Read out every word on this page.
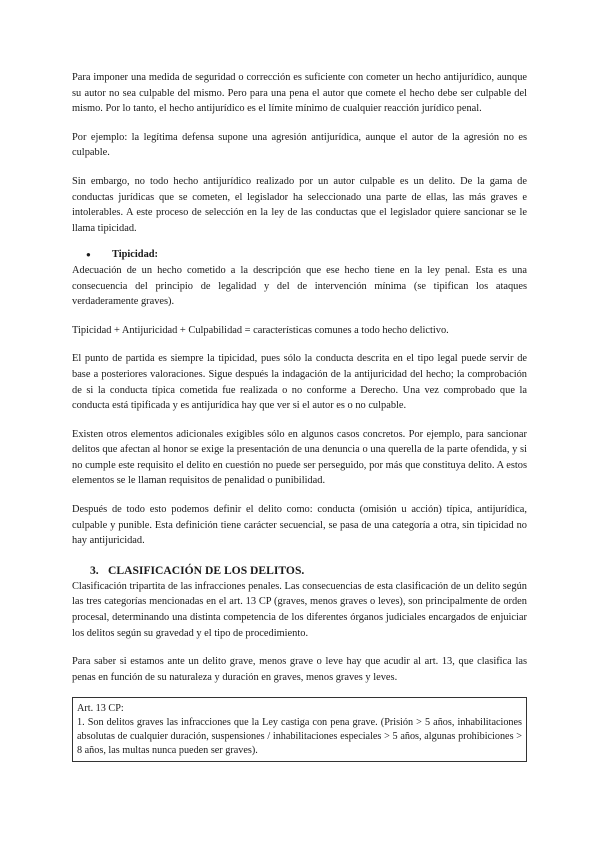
Para imponer una medida de seguridad o corrección es suficiente con cometer un hecho antijurídico, aunque su autor no sea culpable del mismo. Pero para una pena el autor que comete el hecho debe ser culpable del mismo. Por lo tanto, el hecho antijurídico es el límite mínimo de cualquier reacción jurídico penal.

Por ejemplo: la legítima defensa supone una agresión antijurídica, aunque el autor de la agresión no es culpable.

Sin embargo, no todo hecho antijurídico realizado por un autor culpable es un delito. De la gama de conductas jurídicas que se cometen, el legislador ha seleccionado una parte de ellas, las más graves e intolerables. A este proceso de selección en la ley de las conductas que el legislador quiere sancionar se le llama tipicidad.

●	Tipicidad:

Adecuación de un hecho cometido a la descripción que ese hecho tiene en la ley penal. Esta es una consecuencia del principio de legalidad y del de intervención mínima (se tipifican los ataques verdaderamente graves).

Tipicidad + Antijuricidad + Culpabilidad = características comunes a todo hecho delictivo.

El punto de partida es siempre la tipicidad, pues sólo la conducta descrita en el tipo legal puede servir de base a posteriores valoraciones. Sigue después la indagación de la antijuricidad del hecho; la comprobación de si la conducta típica cometida fue realizada o no conforme a Derecho. Una vez comprobado que la conducta está tipificada y es antijurídica hay que ver si el autor es o no culpable.

Existen otros elementos adicionales exigibles sólo en algunos casos concretos. Por ejemplo, para sancionar delitos que afectan al honor se exige la presentación de una denuncia o una querella de la parte ofendida, y si no cumple este requisito el delito en cuestión no puede ser perseguido, por más que constituya delito. A estos elementos se le llaman requisitos de penalidad o punibilidad.

Después de todo esto podemos definir el delito como: conducta (omisión u acción) típica, antijurídica, culpable y punible. Esta definición tiene carácter secuencial, se pasa de una categoría a otra, sin tipicidad no hay antijuricidad.

3. CLASIFICACIÓN DE LOS DELITOS.

Clasificación tripartita de las infracciones penales. Las consecuencias de esta clasificación de un delito según las tres categorías mencionadas en el art. 13 CP (graves, menos graves o leves), son principalmente de orden procesal, determinando una distinta competencia de los diferentes órganos judiciales encargados de enjuiciar los delitos según su gravedad y el tipo de procedimiento.

Para saber si estamos ante un delito grave, menos grave o leve hay que acudir al art. 13, que clasifica las penas en función de su naturaleza y duración en graves, menos graves y leves.

Art. 13 CP:

1. Son delitos graves las infracciones que la Ley castiga con pena grave. (Prisión > 5 años, inhabilitaciones absolutas de cualquier duración, suspensiones / inhabilitaciones especiales > 5 años, algunas prohibiciones > 8 años, las multas nunca pueden ser graves).
